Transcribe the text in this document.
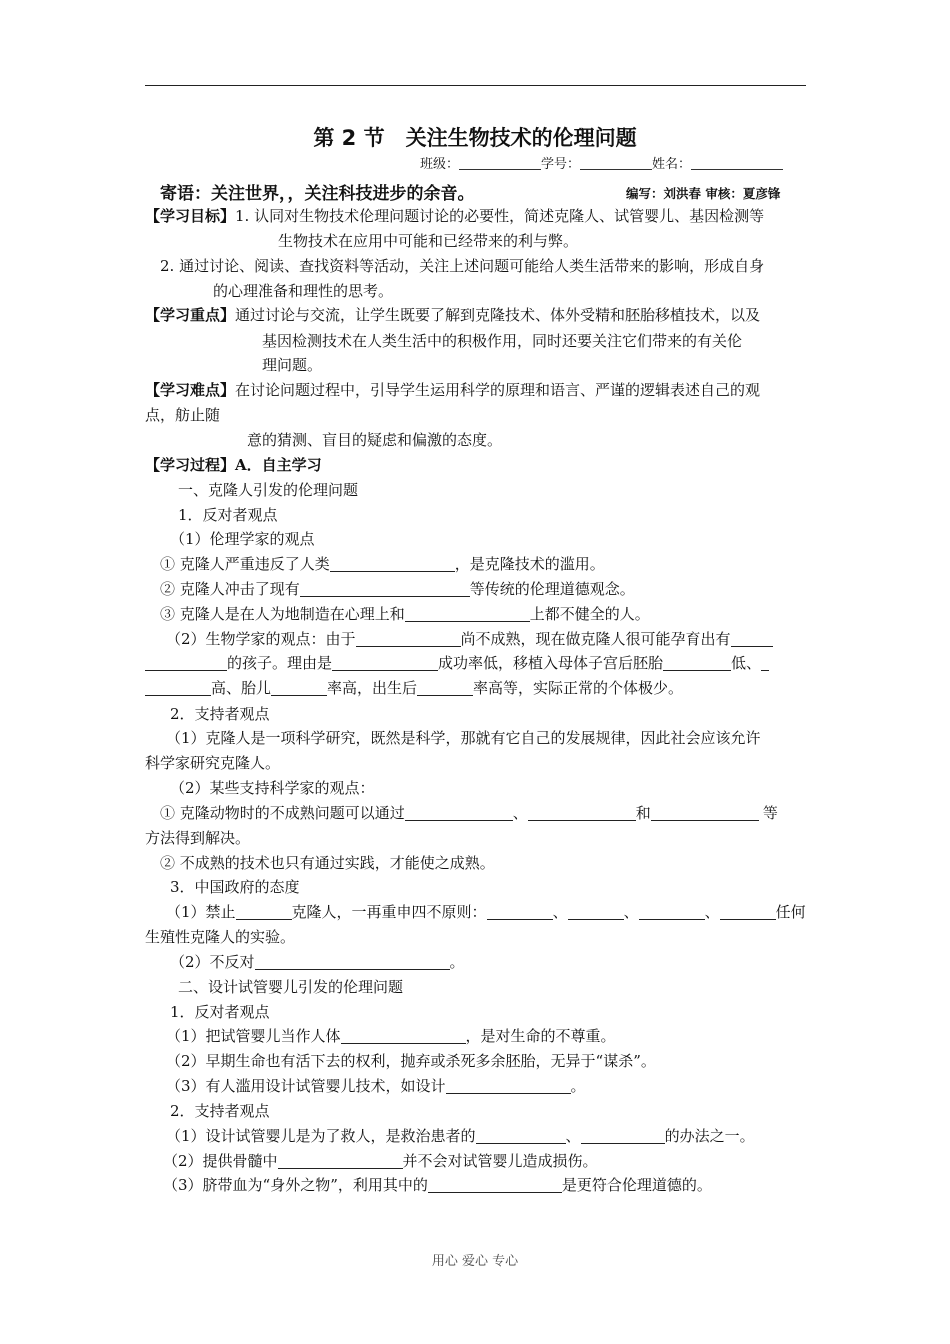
第 2 节　关注生物技术的伦理问题
班级：	学号：	姓名：
寄语：关注世界，，关注科技进步的余音。	编写：刘洪春 审核：夏彦锋
【学习目标】1. 认同对生物技术伦理问题讨论的必要性，简述克隆人、试管婴儿、基因检测等
生物技术在应用中可能和已经带来的利与弊。
2. 通过讨论、阅读、查找资料等活动，关注上述问题可能给人类生活带来的影响，形成自身
的心理准备和理性的思考。
【学习重点】通过讨论与交流，让学生既要了解到克隆技术、体外受精和胚胎移植技术，以及
基因检测技术在人类生活中的积极作用，同时还要关注它们带来的有关伦
理问题。
【学习难点】在讨论问题过程中，引导学生运用科学的原理和语言、严谨的逻辑表述自己的观
点，舫止随
意的猜测、盲目的疑虑和偏激的态度。
【学习过程】A．自主学习
一、克隆人引发的伦理问题
1．反对者观点
（1）伦理学家的观点
① 克隆人严重违反了人类	，是克隆技术的滥用。
② 克隆人冲击了现有	等传统的伦理道德观念。
③ 克隆人是在人为地制造在心理上和	上都不健全的人。
（2）生物学家的观点：由于	尚不成熟，现在做克隆人很可能孕育出有
的孩子。理由是	成功率低，移植入母体子宫后胚胎	低、
高、胎儿	率高，出生后	率高等，实际正常的个体极少。
2．支持者观点
（1）克隆人是一项科学研究，既然是科学，那就有它自己的发展规律，因此社会应该允许
科学家研究克隆人。
（2）某些支持科学家的观点：
① 克隆动物时的不成熟问题可以通过	、	和	等
方法得到解决。
② 不成熟的技术也只有通过实践，才能使之成熟。
3．中国政府的态度
（1）禁止	克隆人，一再重申四不原则：	、	、	、	任何
生殖性克隆人的实验。
（2）不反对	。
二、设计试管婴儿引发的伦理问题
1．反对者观点
（1）把试管婴儿当作人体	，是对生命的不尊重。
（2）早期生命也有活下去的权利，抛弃或杀死多余胚胎，无异于“谋杀”。
（3）有人滥用设计试管婴儿技术，如设计	。
2．支持者观点
（1）设计试管婴儿是为了救人，是救治患者的	、	的办法之一。
（2）提供骨髓中	并不会对试管婴儿造成损伤。
（3）脐带血为“身外之物”，利用其中的	是更符合伦理道德的。
用心 爱心 专心
